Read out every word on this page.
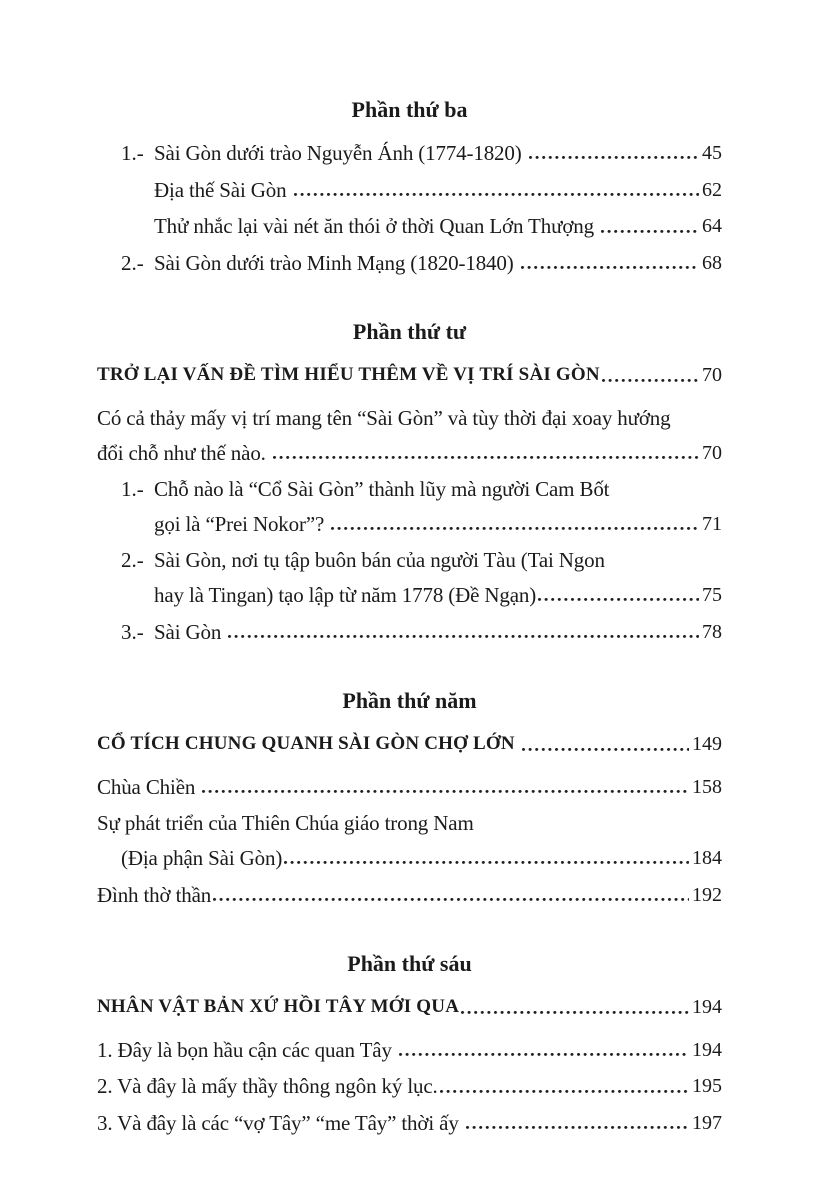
Phần thứ ba
1.- Sài Gòn dưới trào Nguyễn Ánh (1774-1820)	45
Địa thế Sài Gòn	62
Thử nhắc lại vài nét ăn thói ở thời Quan Lớn Thượng	64
2.- Sài Gòn dưới trào Minh Mạng (1820-1840)	68
Phần thứ tư
TRỞ LẠI VẤN ĐỀ TÌM HIỂU THÊM VỀ VỊ TRÍ SÀI GÒN	70
Có cả thảy mấy vị trí mang tên “Sài Gòn” và tùy thời đại xoay hướng
đổi chỗ như thế nào.	70
1.- Chỗ nào là “Cổ Sài Gòn” thành lũy mà người Cam Bốt
gọi là “Prei Nokor”?	71
2.- Sài Gòn, nơi tụ tập buôn bán của người Tàu (Tai Ngon
hay là Tingan) tạo lập từ năm 1778 (Đề Ngạn)	75
3.- Sài Gòn	78
Phần thứ năm
CỔ TÍCH CHUNG QUANH SÀI GÒN CHỢ LỚN	149
Chùa Chiền	158
Sự phát triển của Thiên Chúa giáo trong Nam
(Địa phận Sài Gòn)	184
Đình thờ thần	192
Phần thứ sáu
NHÂN VẬT BẢN XỨ HỒI TÂY MỚI QUA	194
1. Đây là bọn hầu cận các quan Tây	194
2. Và đây là mấy thầy thông ngôn ký lục.	195
3. Và đây là các “vợ Tây” “me Tây” thời ấy	197
